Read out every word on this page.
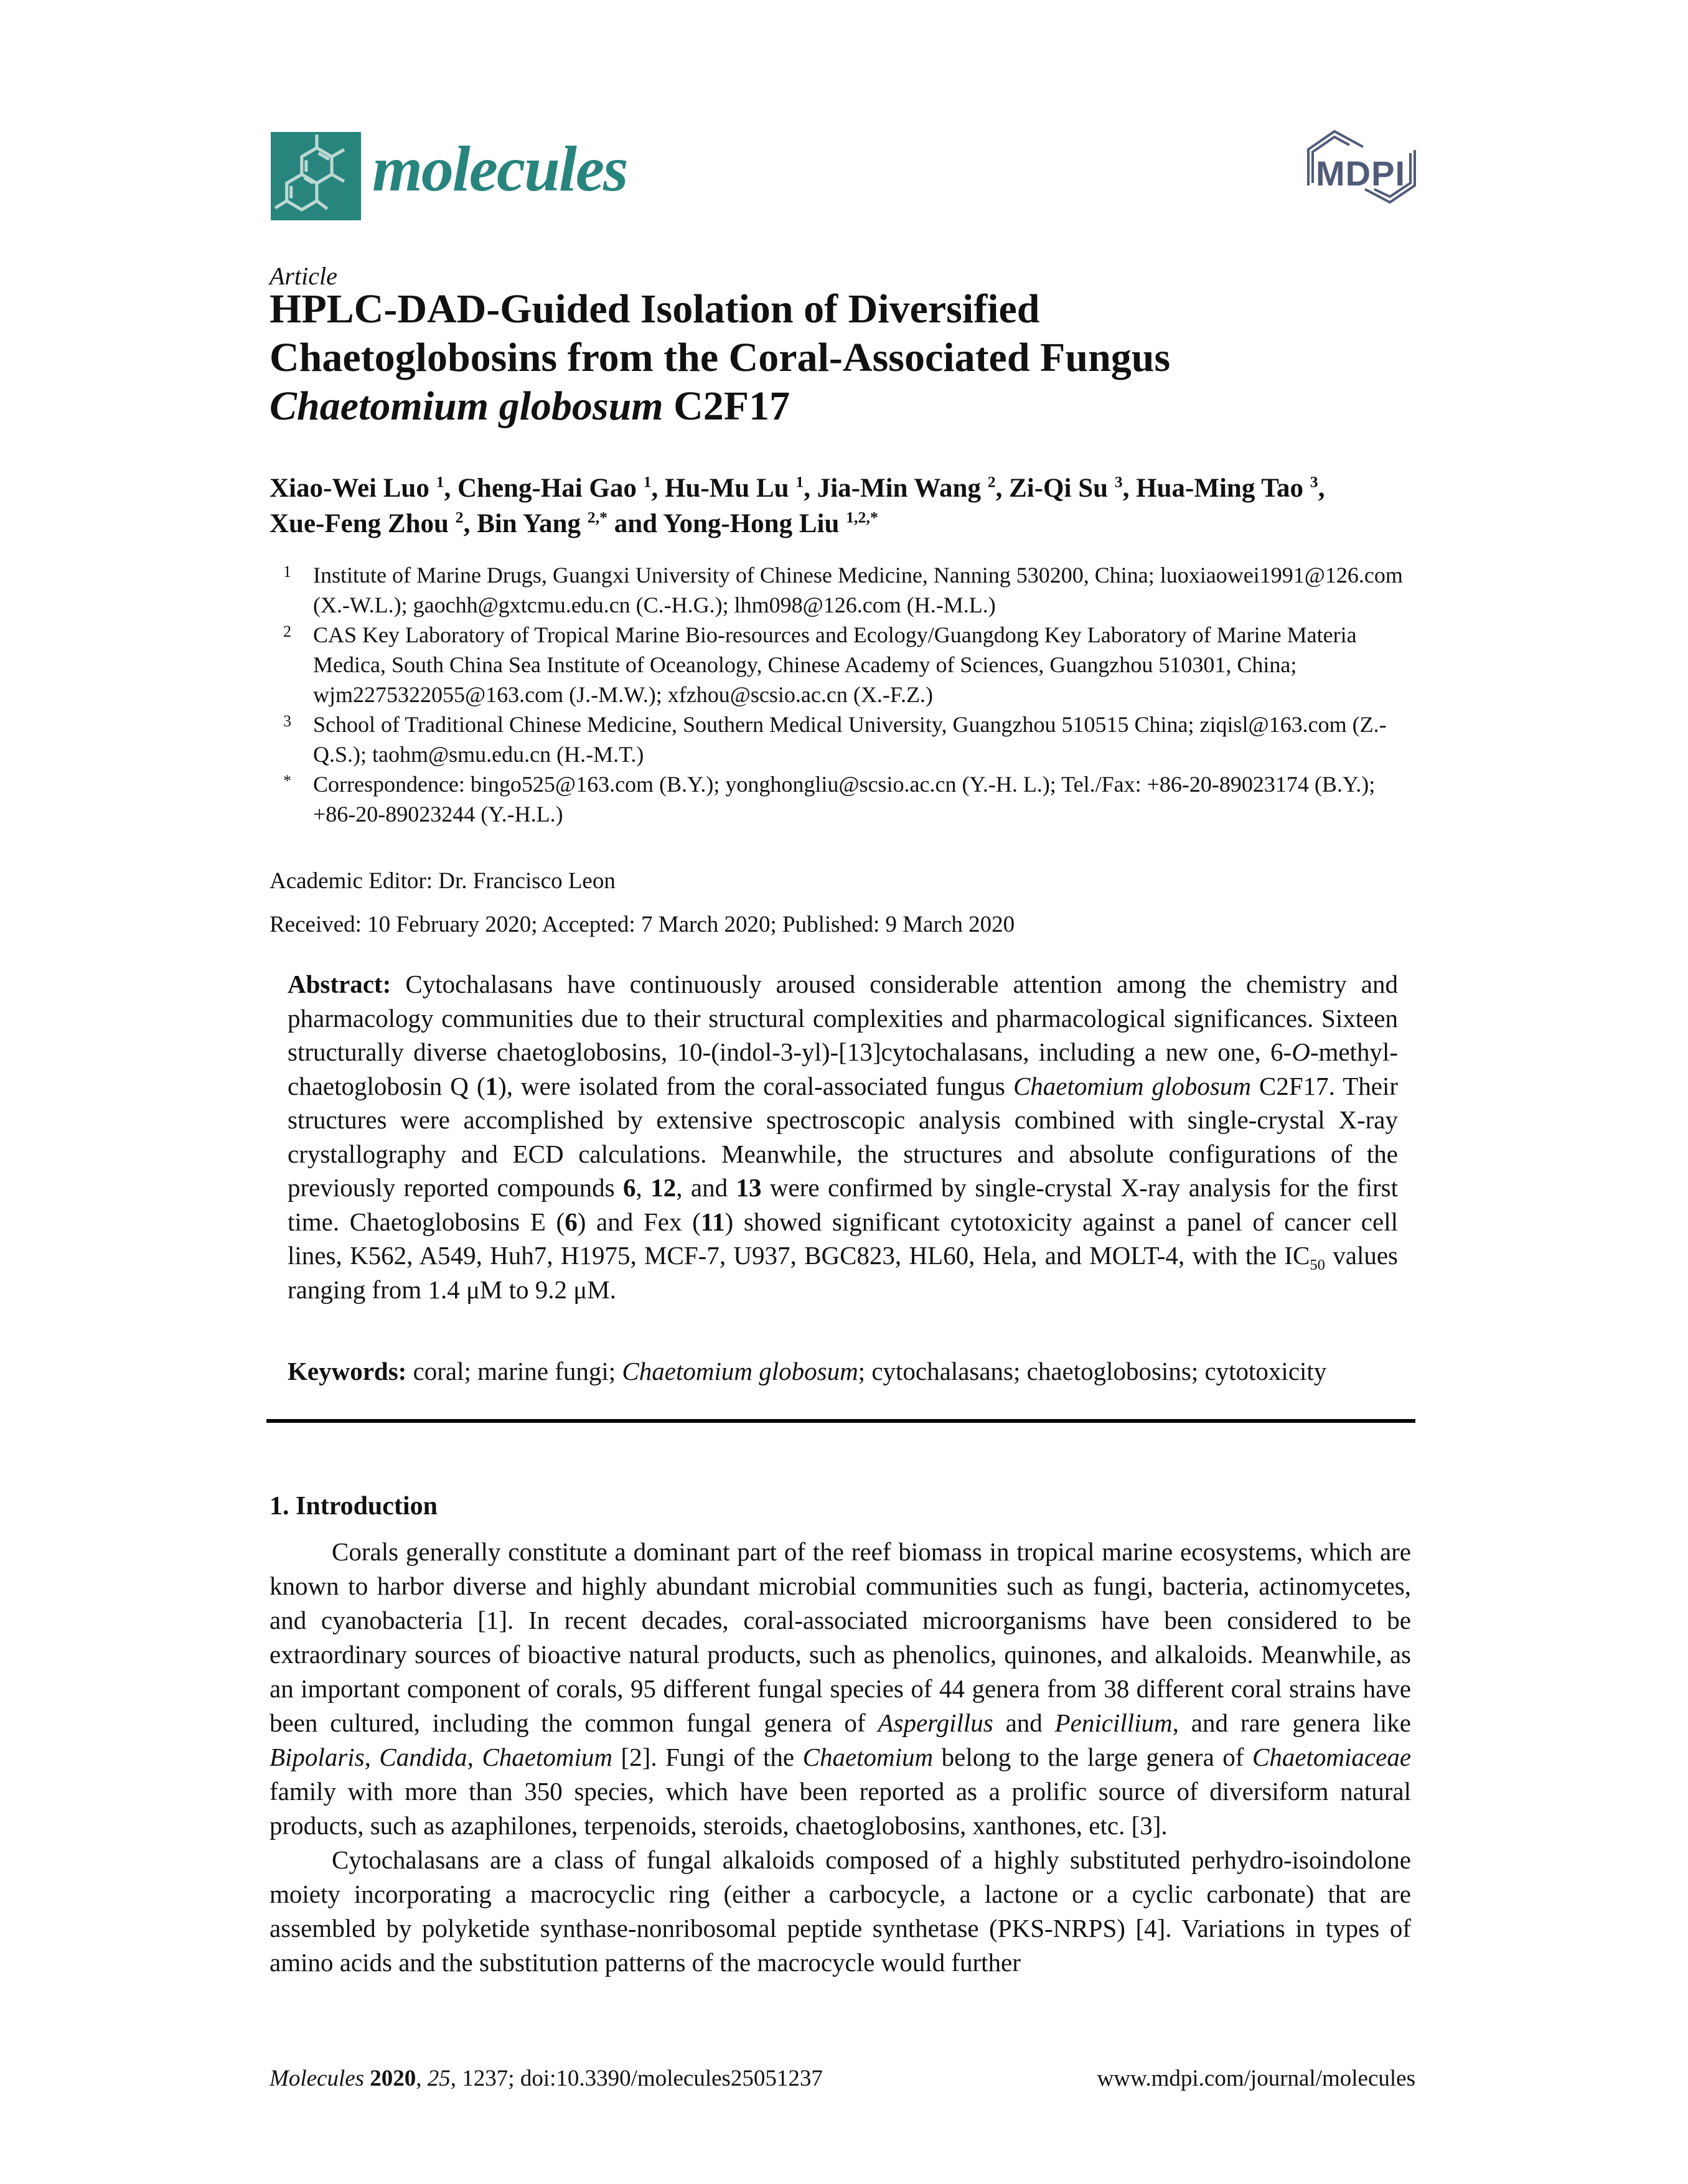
molecules	MDPI
Article
HPLC-DAD-Guided Isolation of Diversified
Chaetoglobosins from the Coral-Associated Fungus
Chaetomium globosum C2F17
Xiao-Wei Luo $^1$, Cheng-Hai Gao $^1$, Hu-Mu Lu $^1$, Jia-Min Wang $^2$, Zi-Qi Su $^3$, Hua-Ming Tao $^3$,
Xue-Feng Zhou $^2$, Bin Yang $^{2,*}$ and Yong-Hong Liu $^{1,2,*}$
1 Institute of Marine Drugs, Guangxi University of Chinese Medicine, Nanning 530200, China; luoxiaowei1991@126.com (X.-W.L.); gaochh@gxtcmu.edu.cn (C.-H.G.); lhm098@126.com (H.-M.L.)
2 CAS Key Laboratory of Tropical Marine Bio-resources and Ecology/Guangdong Key Laboratory of Marine Materia Medica, South China Sea Institute of Oceanology, Chinese Academy of Sciences, Guangzhou 510301, China; wjm2275322055@163.com (J.-M.W.); xfzhou@scsio.ac.cn (X.-F.Z.)
3 School of Traditional Chinese Medicine, Southern Medical University, Guangzhou 510515 China; ziqisl@163.com (Z.-Q.S.); taohm@smu.edu.cn (H.-M.T.)
* Correspondence: bingo525@163.com (B.Y.); yonghongliu@scsio.ac.cn (Y.-H. L.); Tel./Fax: +86-20-89023174 (B.Y.); +86-20-89023244 (Y.-H.L.)
Academic Editor: Dr. Francisco Leon
Received: 10 February 2020; Accepted: 7 March 2020; Published: 9 March 2020
Abstract: Cytochalasans have continuously aroused considerable attention among the chemistry and pharmacology communities due to their structural complexities and pharmacological significances. Sixteen structurally diverse chaetoglobosins, 10-(indol-3-yl)-[13]cytochalasans, including a new one, 6-O-methyl-chaetoglobosin Q (1), were isolated from the coral-associated fungus Chaetomium globosum C2F17. Their structures were accomplished by extensive spectroscopic analysis combined with single-crystal X-ray crystallography and ECD calculations. Meanwhile, the structures and absolute configurations of the previously reported compounds 6, 12, and 13 were confirmed by single-crystal X-ray analysis for the first time. Chaetoglobosins E (6) and Fex (11) showed significant cytotoxicity against a panel of cancer cell lines, K562, A549, Huh7, H1975, MCF-7, U937, BGC823, HL60, Hela, and MOLT-4, with the $IC_{50}$ values ranging from 1.4 μM to 9.2 μM.
Keywords: coral; marine fungi; Chaetomium globosum; cytochalasans; chaetoglobosins; cytotoxicity
1. Introduction

Corals generally constitute a dominant part of the reef biomass in tropical marine ecosystems, which are known to harbor diverse and highly abundant microbial communities such as fungi, bacteria, actinomycetes, and cyanobacteria [1]. In recent decades, coral-associated microorganisms have been considered to be extraordinary sources of bioactive natural products, such as phenolics, quinones, and alkaloids. Meanwhile, as an important component of corals, 95 different fungal species of 44 genera from 38 different coral strains have been cultured, including the common fungal genera of Aspergillus and Penicillium, and rare genera like Bipolaris, Candida, Chaetomium [2]. Fungi of the Chaetomium belong to the large genera of Chaetomiaceae family with more than 350 species, which have been reported as a prolific source of diversiform natural products, such as azaphilones, terpenoids, steroids, chaetoglobosins, xanthones, etc. [3].

Cytochalasans are a class of fungal alkaloids composed of a highly substituted perhydro-isoindolone moiety incorporating a macrocyclic ring (either a carbocycle, a lactone or a cyclic carbonate) that are assembled by polyketide synthase-nonribosomal peptide synthetase (PKS-NRPS) [4]. Variations in types of amino acids and the substitution patterns of the macrocycle would further

Molecules 2020, 25, 1237; doi:10.3390/molecules25051237	www.mdpi.com/journal/molecules
